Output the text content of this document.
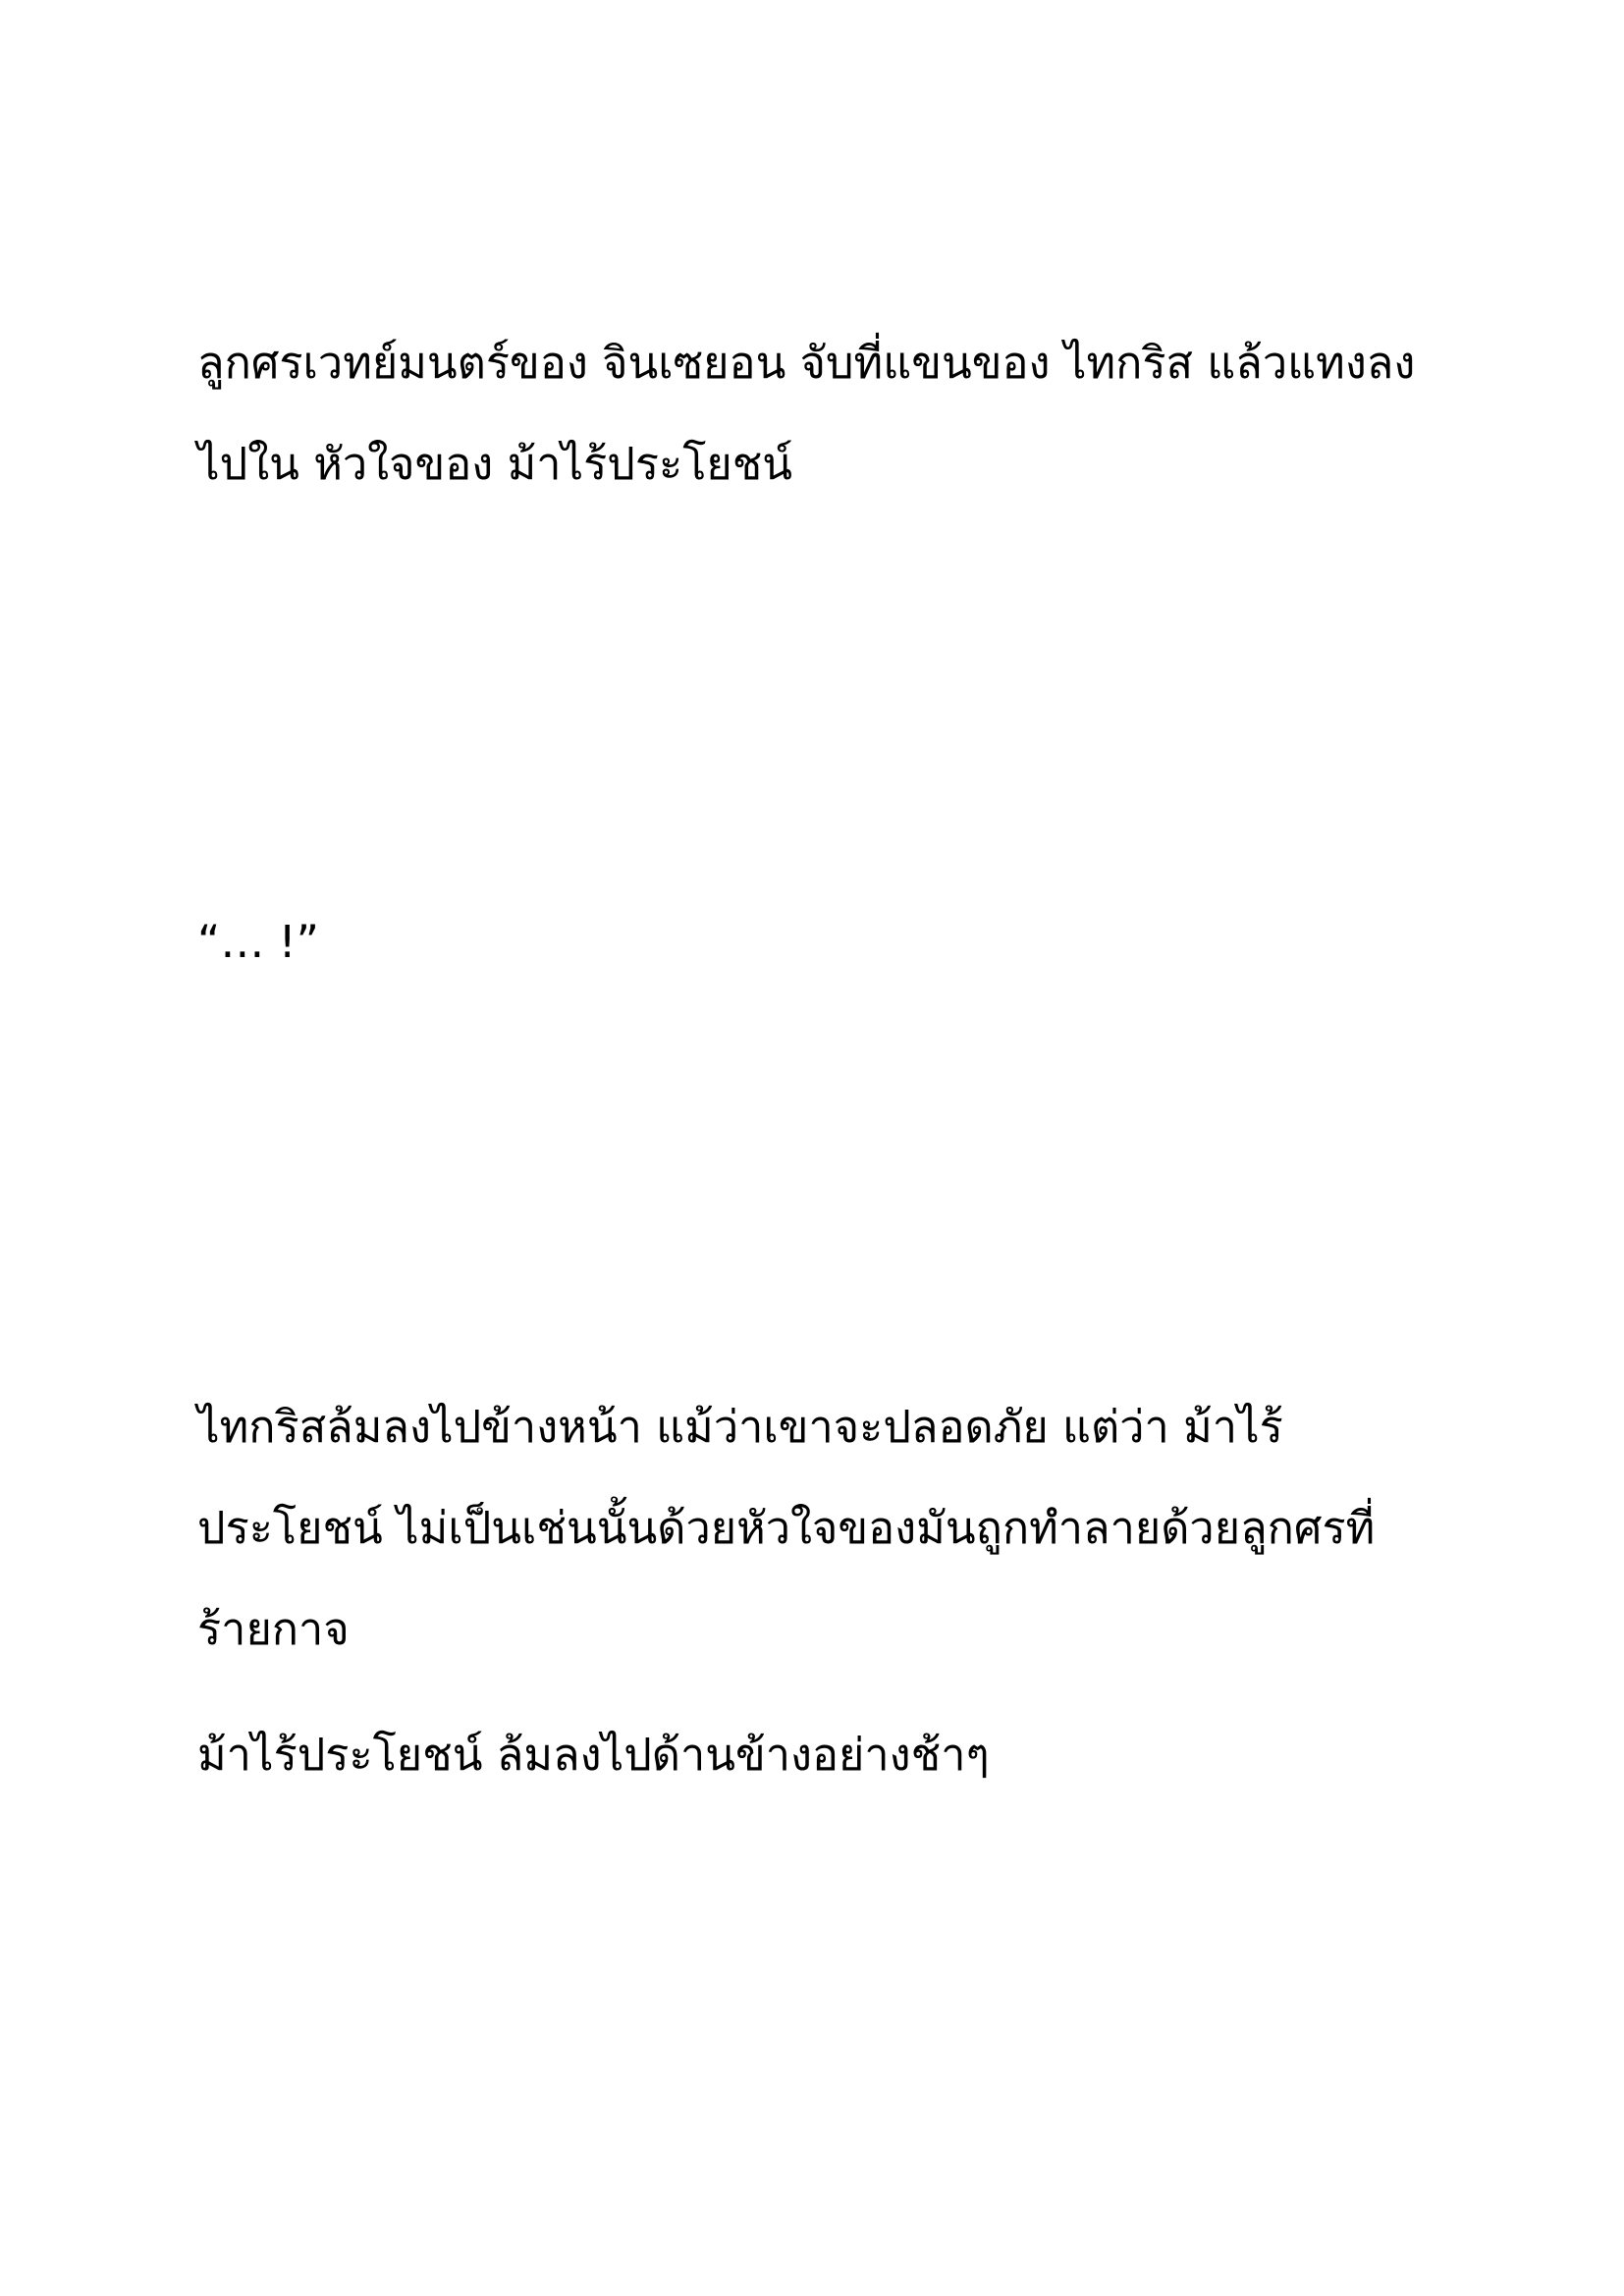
ลูกศรเวทย์มนตร์ของ จินเซยอน จับที่แขนของ ไทกริส แล้วแทงลงไปใน หัวใจของ ม้าไร้ประโยชน์

“… !”

ไทกริสล้มลงไปข้างหน้า แม้ว่าเขาจะปลอดภัย แต่ว่า ม้าไร้ประโยชน์ ไม่เป็นเช่นนั้นด้วยหัวใจของมันถูกทำลายด้วยลูกศรที่ร้ายกาจ

ม้าไร้ประโยชน์ ล้มลงไปด้านข้างอย่างช้าๆ
